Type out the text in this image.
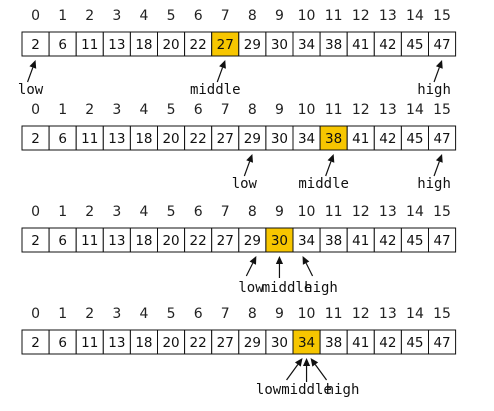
0 1 2 3 4 5 6 7 8 9 10 11 12 13 14 15
2 6 11 13 18 20 22 27 29 30 34 38 41 42 45 47
low	middle	high
0 1 2 3 4 5 6 7 8 9 10 11 12 13 14 15
2 6 11 13 18 20 22 27 29 30 34 38 41 42 45 47
low	middle	high
0 1 2 3 4 5 6 7 8 9 10 11 12 13 14 15
2 6 11 13 18 20 22 27 29 30 34 38 41 42 45 47
low
middle
high
0 1 2 3 4 5 6 7 8 9 10 11 12 13 14 15
2 6 11 13 18 20 22 27 29 30 34 38 41 42 45 47
low middle
high
